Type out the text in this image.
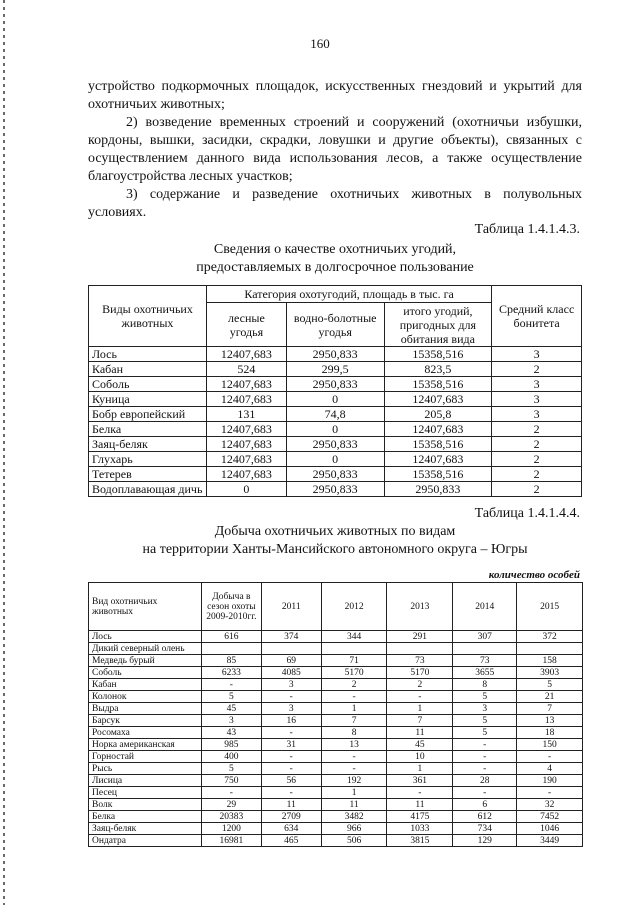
160
устройство подкормочных площадок, искусственных гнездовий и укрытий для охотничьих животных;
2) возведение временных строений и сооружений (охотничьи избушки, кордоны, вышки, засидки, скрадки, ловушки и другие объекты), связанных с осуществлением данного вида использования лесов, а также осуществление благоустройства лесных участков;
3) содержание и разведение охотничьих животных в полувольных условиях.
Таблица 1.4.1.4.3.
Сведения о качестве охотничьих угодий,
предоставляемых в долгосрочное пользование
Виды охотничьих животных	Категория охотугодий, площадь в тыс. га			Средний класс бонитета
	лесные угодья	водно-болотные угодья	итого угодий, пригодных для обитания вида	
Лось	12407,683	2950,833	15358,516	3
Кабан	524	299,5	823,5	2
Соболь	12407,683	2950,833	15358,516	3
Куница	12407,683	0	12407,683	3
Бобр европейский	131	74,8	205,8	3
Белка	12407,683	0	12407,683	2
Заяц-беляк	12407,683	2950,833	15358,516	2
Глухарь	12407,683	0	12407,683	2
Тетерев	12407,683	2950,833	15358,516	2
Водоплавающая дичь	0	2950,833	2950,833	2
Таблица 1.4.1.4.4.
Добыча охотничьих животных по видам
на территории Ханты-Мансийского автономного округа – Югры
количество особей
Вид охотничьих животных	Добыча в сезон охоты 2009-2010гг.	2011	2012	2013	2014	2015
Лось	616	374	344	291	307	372
Дикий северный олень						
Медведь бурый	85	69	71	73	73	158
Соболь	6233	4085	5170	5170	3655	3903
Кабан	-	3	2	2	8	5
Колонок	5	-	-	-	5	21
Выдра	45	3	1	1	3	7
Барсук	3	16	7	7	5	13
Росомаха	43	-	8	11	5	18
Норка американская	985	31	13	45	-	150
Горностай	400	-	-	10	-	-
Рысь	5	-	-	1	-	4
Лисица	750	56	192	361	28	190
Песец	-	-	1	-	-	-
Волк	29	11	11	11	6	32
Белка	20383	2709	3482	4175	612	7452
Заяц-беляк	1200	634	966	1033	734	1046
Ондатра	16981	465	506	3815	129	3449
